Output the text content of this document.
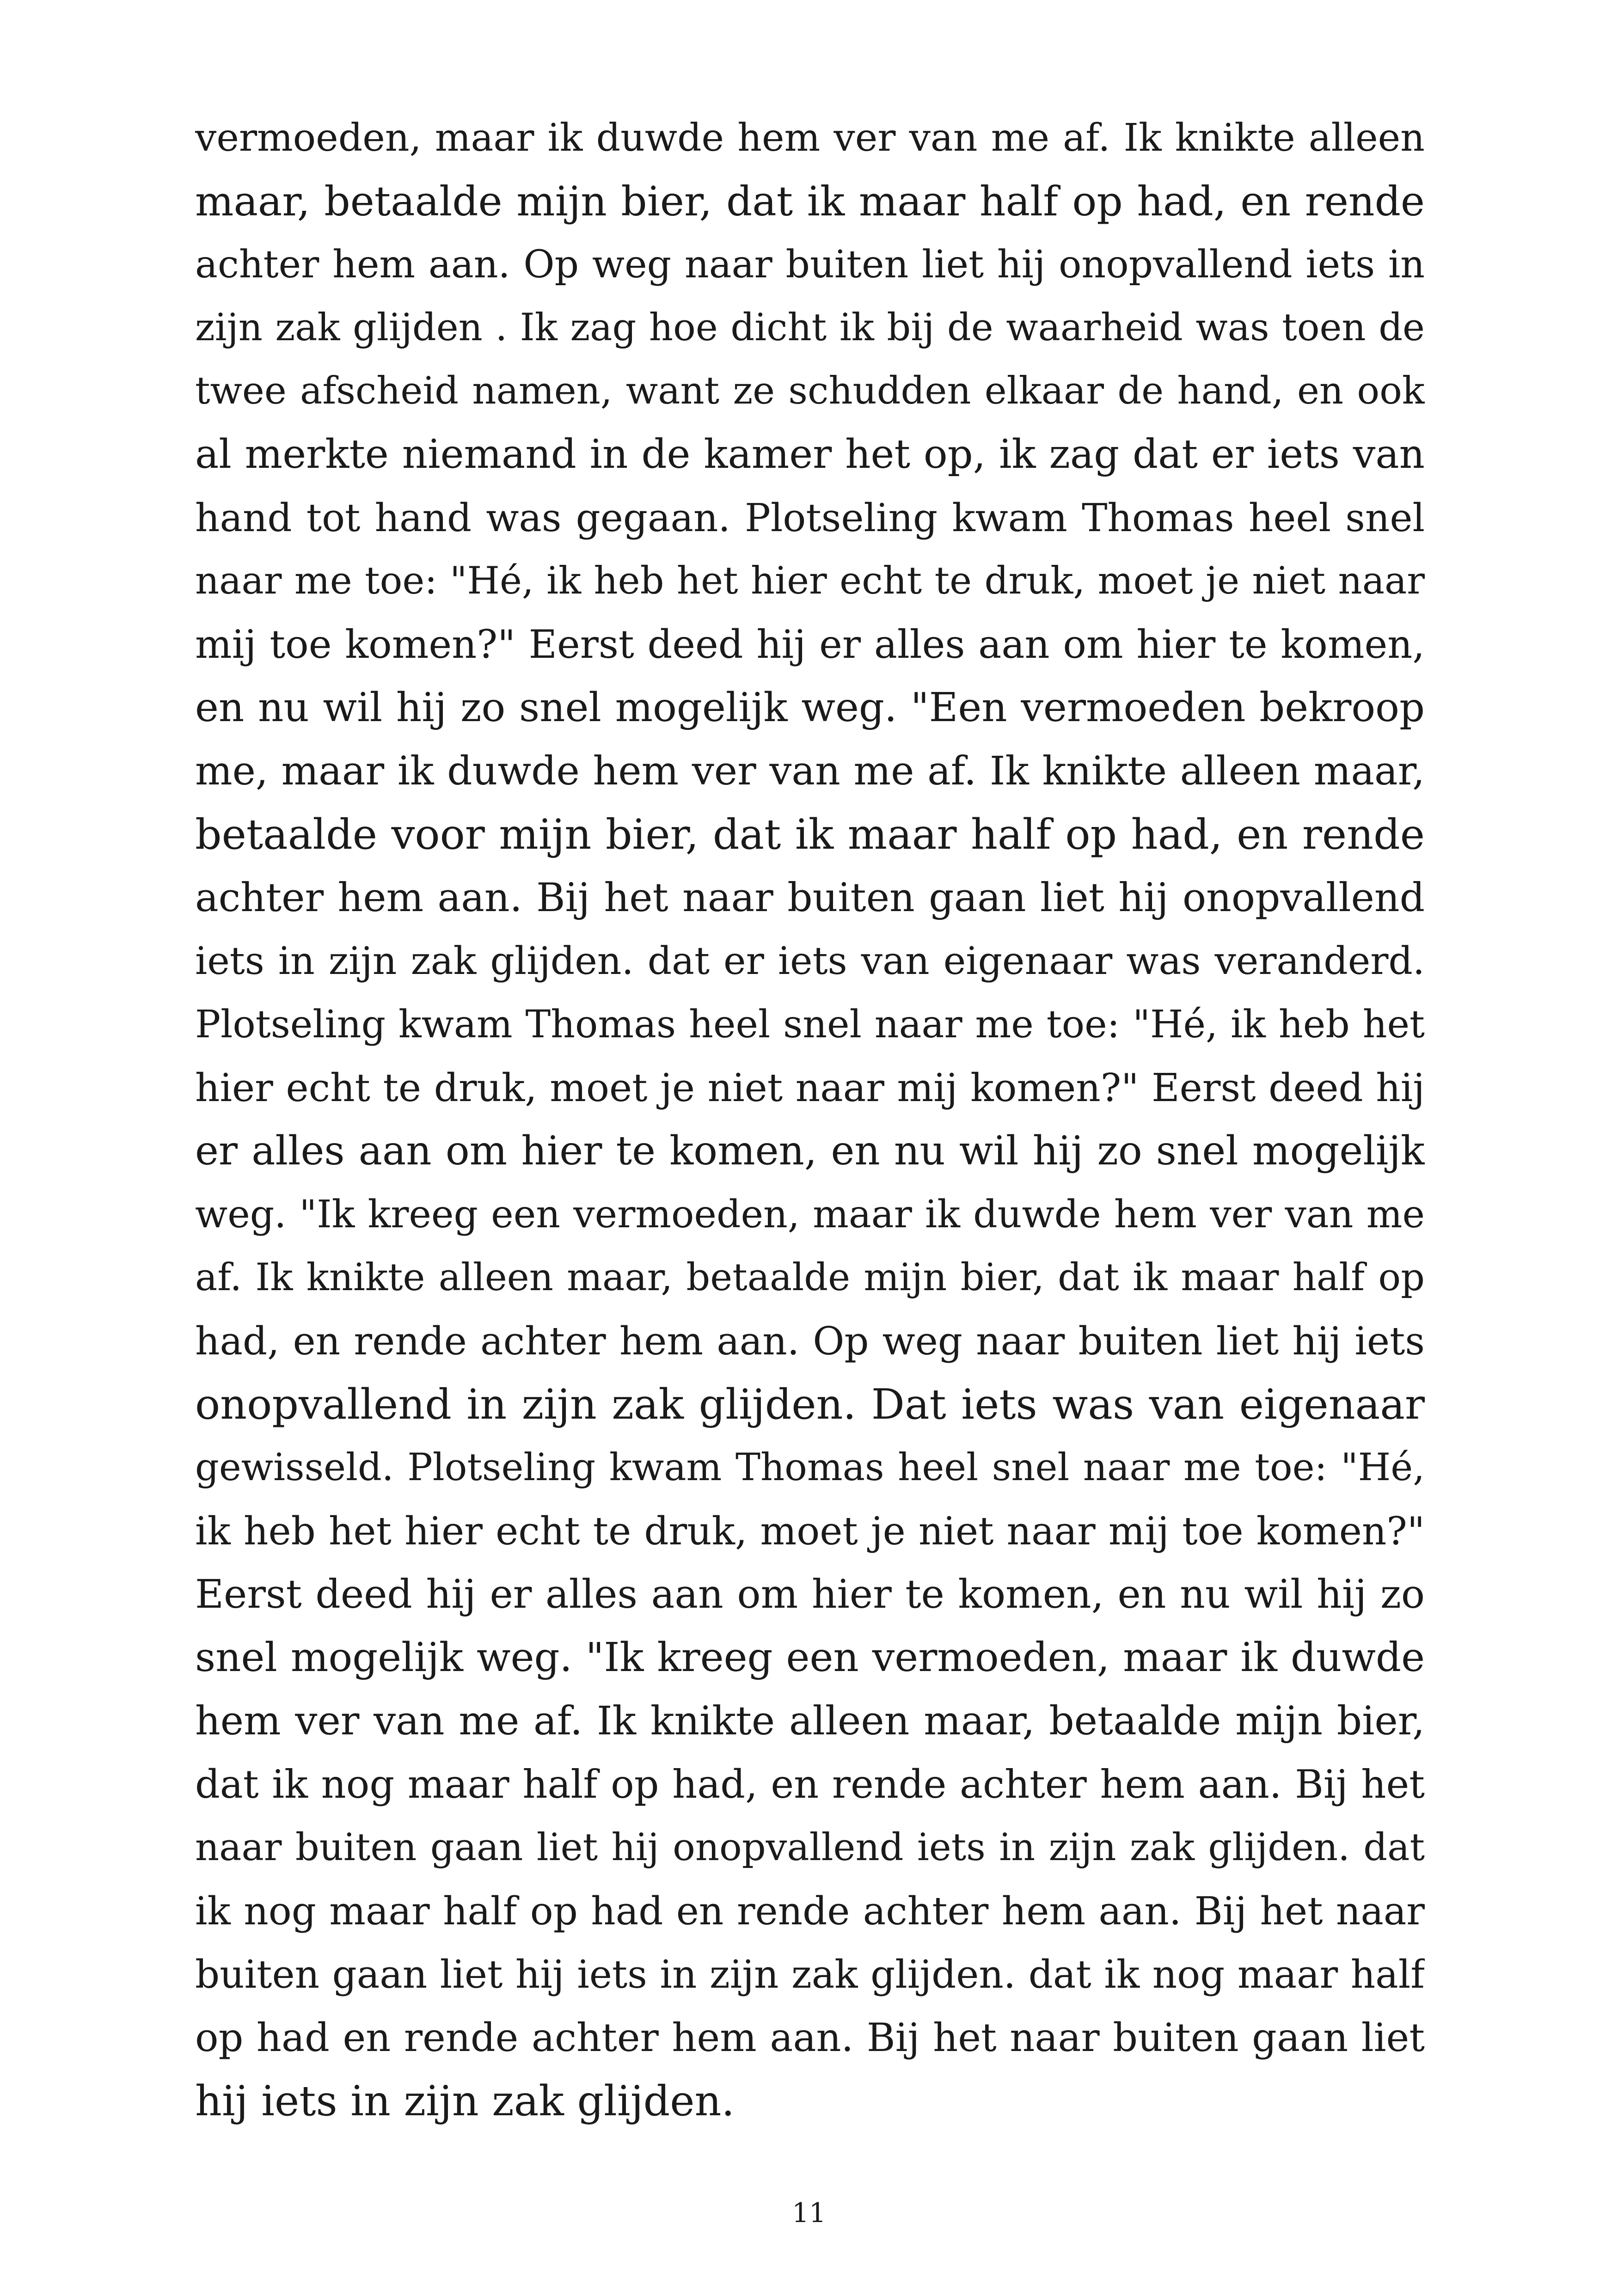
vermoeden, maar ik duwde hem ver van me af. Ik knikte alleen
maar, betaalde mijn bier, dat ik maar half op had, en rende
achter hem aan. Op weg naar buiten liet hij onopvallend iets in
zijn zak glijden . Ik zag hoe dicht ik bij de waarheid was toen de
twee afscheid namen, want ze schudden elkaar de hand, en ook
al merkte niemand in de kamer het op, ik zag dat er iets van
hand tot hand was gegaan. Plotseling kwam Thomas heel snel
naar me toe: "Hé, ik heb het hier echt te druk, moet je niet naar
mij toe komen?" Eerst deed hij er alles aan om hier te komen,
en nu wil hij zo snel mogelijk weg. "Een vermoeden bekroop
me, maar ik duwde hem ver van me af. Ik knikte alleen maar,
betaalde voor mijn bier, dat ik maar half op had, en rende
achter hem aan. Bij het naar buiten gaan liet hij onopvallend
iets in zijn zak glijden. dat er iets van eigenaar was veranderd.
Plotseling kwam Thomas heel snel naar me toe: "Hé, ik heb het
hier echt te druk, moet je niet naar mij komen?" Eerst deed hij
er alles aan om hier te komen, en nu wil hij zo snel mogelijk
weg. "Ik kreeg een vermoeden, maar ik duwde hem ver van me
af. Ik knikte alleen maar, betaalde mijn bier, dat ik maar half op
had, en rende achter hem aan. Op weg naar buiten liet hij iets
onopvallend in zijn zak glijden. Dat iets was van eigenaar
gewisseld. Plotseling kwam Thomas heel snel naar me toe: "Hé,
ik heb het hier echt te druk, moet je niet naar mij toe komen?"
Eerst deed hij er alles aan om hier te komen, en nu wil hij zo
snel mogelijk weg. "Ik kreeg een vermoeden, maar ik duwde
hem ver van me af. Ik knikte alleen maar, betaalde mijn bier,
dat ik nog maar half op had, en rende achter hem aan. Bij het
naar buiten gaan liet hij onopvallend iets in zijn zak glijden. dat
ik nog maar half op had en rende achter hem aan. Bij het naar
buiten gaan liet hij iets in zijn zak glijden. dat ik nog maar half
op had en rende achter hem aan. Bij het naar buiten gaan liet
hij iets in zijn zak glijden.
11
